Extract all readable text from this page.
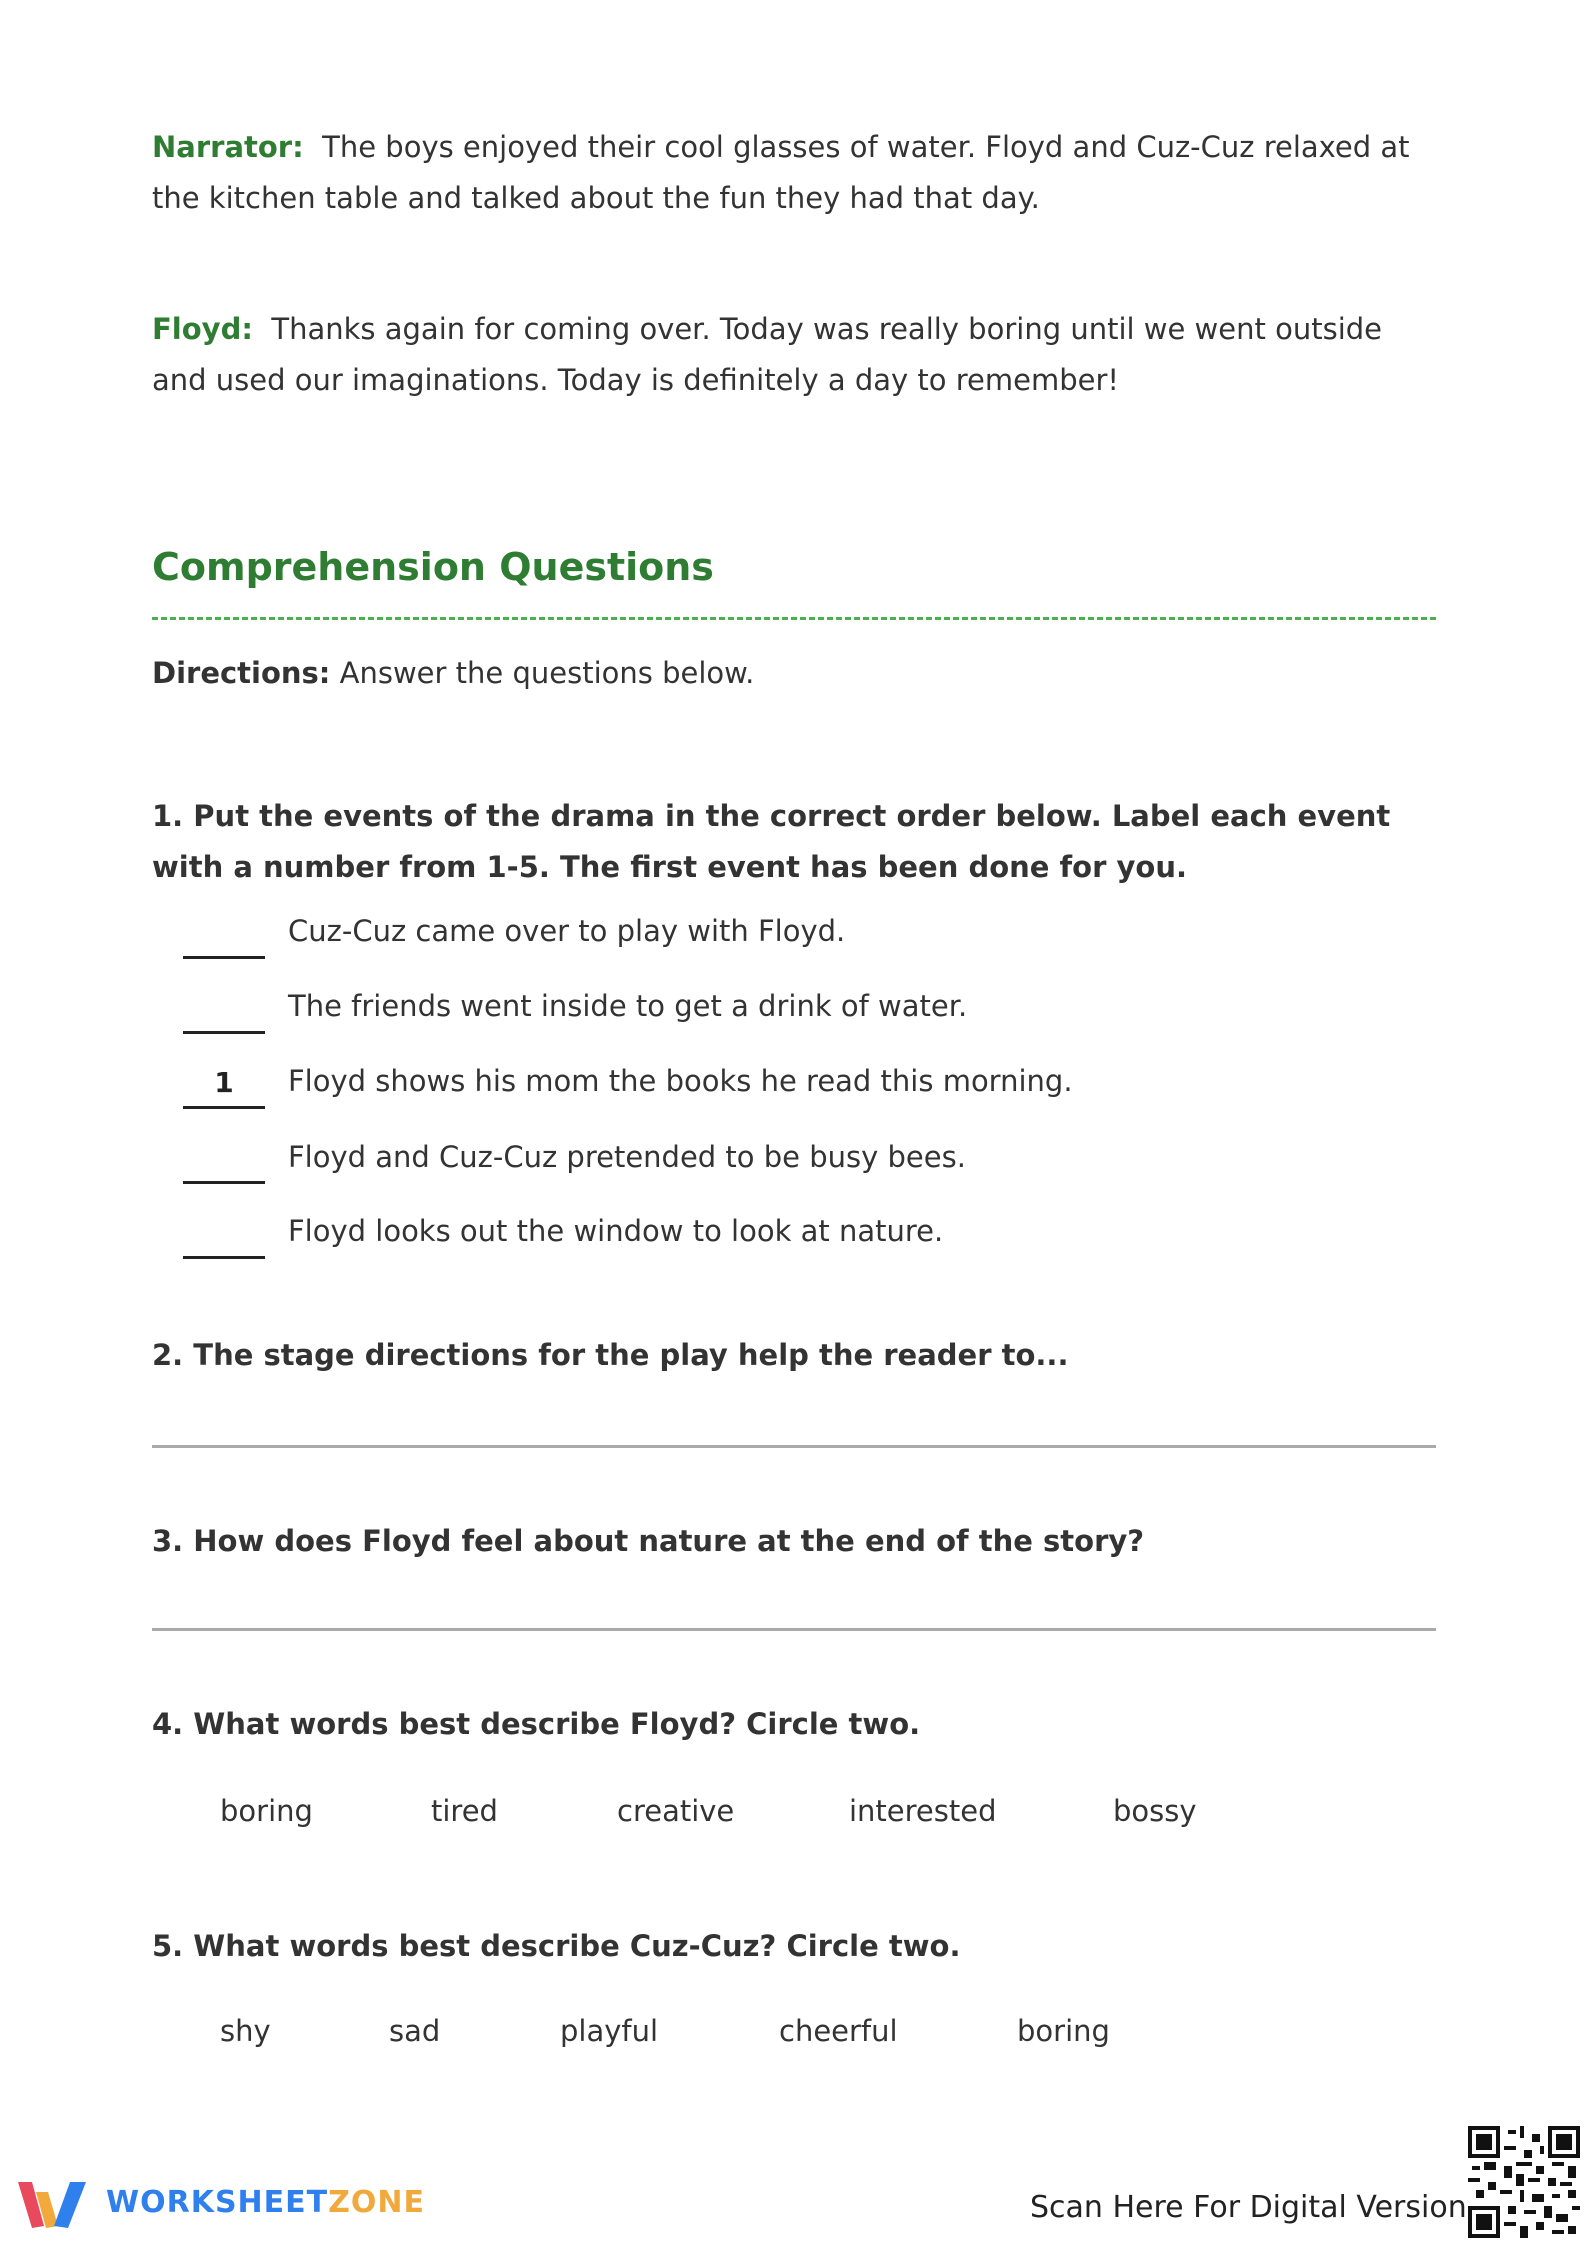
Narrator: The boys enjoyed their cool glasses of water. Floyd and Cuz-Cuz relaxed at the kitchen table and talked about the fun they had that day.
Floyd: Thanks again for coming over. Today was really boring until we went outside and used our imaginations. Today is definitely a day to remember!
Comprehension Questions
Directions: Answer the questions below.
1. Put the events of the drama in the correct order below. Label each event with a number from 1-5. The first event has been done for you.
Cuz-Cuz came over to play with Floyd.
The friends went inside to get a drink of water.
1	Floyd shows his mom the books he read this morning.
Floyd and Cuz-Cuz pretended to be busy bees.
Floyd looks out the window to look at nature.
2. The stage directions for the play help the reader to...
3. How does Floyd feel about nature at the end of the story?
4. What words best describe Floyd? Circle two.
boring	tired	creative	interested	bossy
5. What words best describe Cuz-Cuz? Circle two.
shy	sad	playful	cheerful	boring
WORKSHEETZONE	Scan Here For Digital Version
